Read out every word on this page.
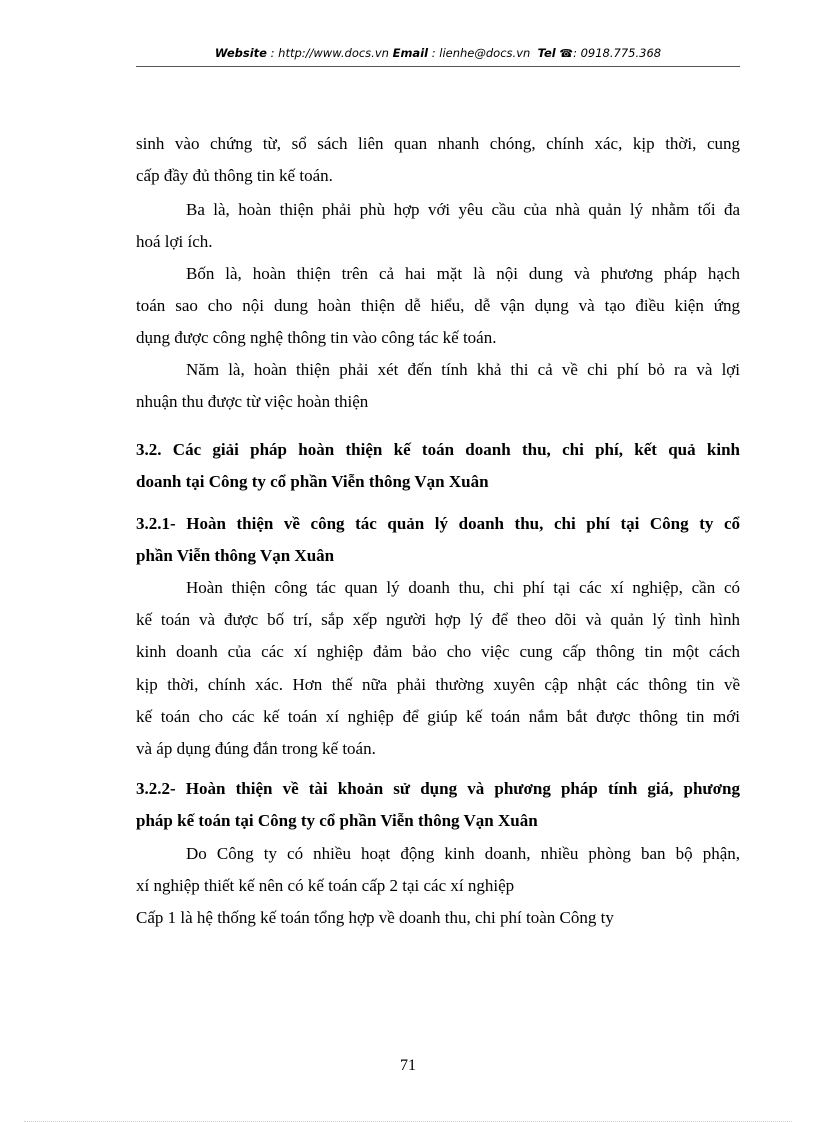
Website : http://www.docs.vn Email : lienhe@docs.vn Tel ☎: 0918.775.368
sinh vào chứng từ, sổ sách liên quan nhanh chóng, chính xác, kịp thời, cung
cấp đầy đủ thông tin kế toán.
Ba là, hoàn thiện phải phù hợp với yêu cầu của nhà quản lý nhằm tối đa
hoá lợi ích.
Bốn là, hoàn thiện trên cả hai mặt là nội dung và phương pháp hạch
toán sao cho nội dung hoàn thiện dễ hiểu, dễ vận dụng và tạo điều kiện ứng
dụng được công nghệ thông tin vào công tác kế toán.
Năm là, hoàn thiện phải xét đến tính khả thi cả về chi phí bỏ ra và lợi
nhuận thu được từ việc hoàn thiện
3.2. Các giải pháp hoàn thiện kế toán doanh thu, chi phí, kết quả kinh
doanh tại Công ty cổ phần Viễn thông Vạn Xuân
3.2.1- Hoàn thiện về công tác quản lý doanh thu, chi phí tại Công ty cổ
phần Viễn thông Vạn Xuân
Hoàn thiện công tác quan lý doanh thu, chi phí tại các xí nghiệp, cần có
kế toán và được bố trí, sắp xếp người hợp lý để theo dõi và quản lý tình hình
kinh doanh của các xí nghiệp đảm bảo cho việc cung cấp thông tin một cách
kịp thời, chính xác. Hơn thế nữa phải thường xuyên cập nhật các thông tin về
kế toán cho các kế toán xí nghiệp để giúp kế toán nắm bắt được thông tin mới
và áp dụng đúng đắn trong kế toán.
3.2.2- Hoàn thiện về tài khoản sử dụng và phương pháp tính giá, phương
pháp kế toán tại Công ty cổ phần Viễn thông Vạn Xuân
Do Công ty có nhiều hoạt động kinh doanh, nhiều phòng ban bộ phận,
xí nghiệp thiết kế nên có kế toán cấp 2 tại các xí nghiệp
Cấp 1 là hệ thống kế toán tổng hợp về doanh thu, chi phí toàn Công ty
71
